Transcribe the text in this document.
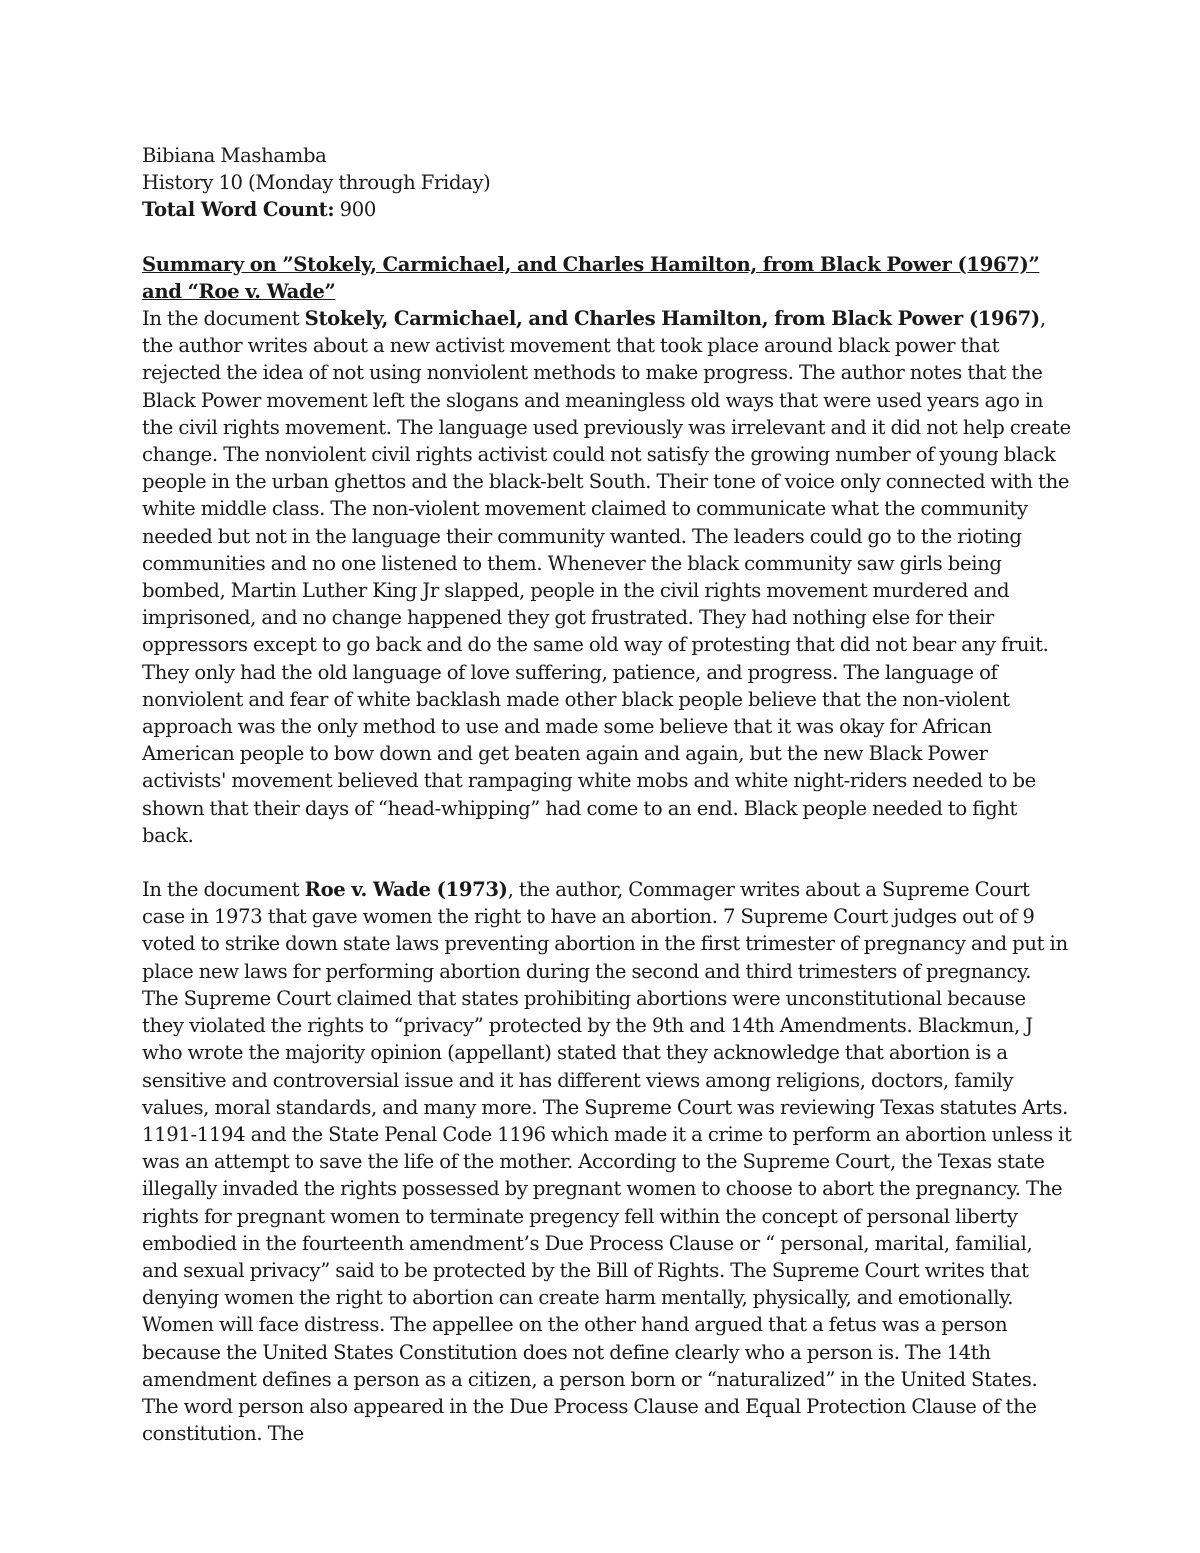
Bibiana Mashamba

History 10 (Monday through Friday)

Total Word Count: 900

Summary on ”Stokely, Carmichael, and Charles Hamilton, from Black Power (1967)” and “Roe v. Wade”

In the document Stokely, Carmichael, and Charles Hamilton, from Black Power (1967), the author writes about a new activist movement that took place around black power that rejected the idea of not using nonviolent methods to make progress. The author notes that the Black Power movement left the slogans and meaningless old ways that were used years ago in the civil rights movement. The language used previously was irrelevant and it did not help create change. The nonviolent civil rights activist could not satisfy the growing number of young black people in the urban ghettos and the black-belt South. Their tone of voice only connected with the white middle class. The non-violent movement claimed to communicate what the community needed but not in the language their community wanted. The leaders could go to the rioting communities and no one listened to them. Whenever the black community saw girls being bombed, Martin Luther King Jr slapped, people in the civil rights movement murdered and imprisoned, and no change happened they got frustrated. They had nothing else for their oppressors except to go back and do the same old way of protesting that did not bear any fruit. They only had the old language of love suffering, patience, and progress. The language of nonviolent and fear of white backlash made other black people believe that the non-violent approach was the only method to use and made some believe that it was okay for African American people to bow down and get beaten again and again, but the new Black Power activists' movement believed that rampaging white mobs and white night-riders needed to be shown that their days of “head-whipping” had come to an end. Black people needed to fight back.

In the document Roe v. Wade (1973), the author, Commager writes about a Supreme Court case in 1973 that gave women the right to have an abortion. 7 Supreme Court judges out of 9 voted to strike down state laws preventing abortion in the first trimester of pregnancy and put in place new laws for performing abortion during the second and third trimesters of pregnancy. The Supreme Court claimed that states prohibiting abortions were unconstitutional because they violated the rights to “privacy” protected by the 9th and 14th Amendments. Blackmun, J who wrote the majority opinion (appellant) stated that they acknowledge that abortion is a sensitive and controversial issue and it has different views among religions, doctors, family values, moral standards, and many more. The Supreme Court was reviewing Texas statutes Arts. 1191-1194 and the State Penal Code 1196 which made it a crime to perform an abortion unless it was an attempt to save the life of the mother. According to the Supreme Court, the Texas state illegally invaded the rights possessed by pregnant women to choose to abort the pregnancy. The rights for pregnant women to terminate pregency fell within the concept of personal liberty embodied in the fourteenth amendment’s Due Process Clause or “ personal, marital, familial, and sexual privacy” said to be protected by the Bill of Rights. The Supreme Court writes that denying women the right to abortion can create harm mentally, physically, and emotionally. Women will face distress. The appellee on the other hand argued that a fetus was a person because the United States Constitution does not define clearly who a person is. The 14th amendment defines a person as a citizen, a person born or “naturalized” in the United States. The word person also appeared in the Due Process Clause and Equal Protection Clause of the constitution. The
